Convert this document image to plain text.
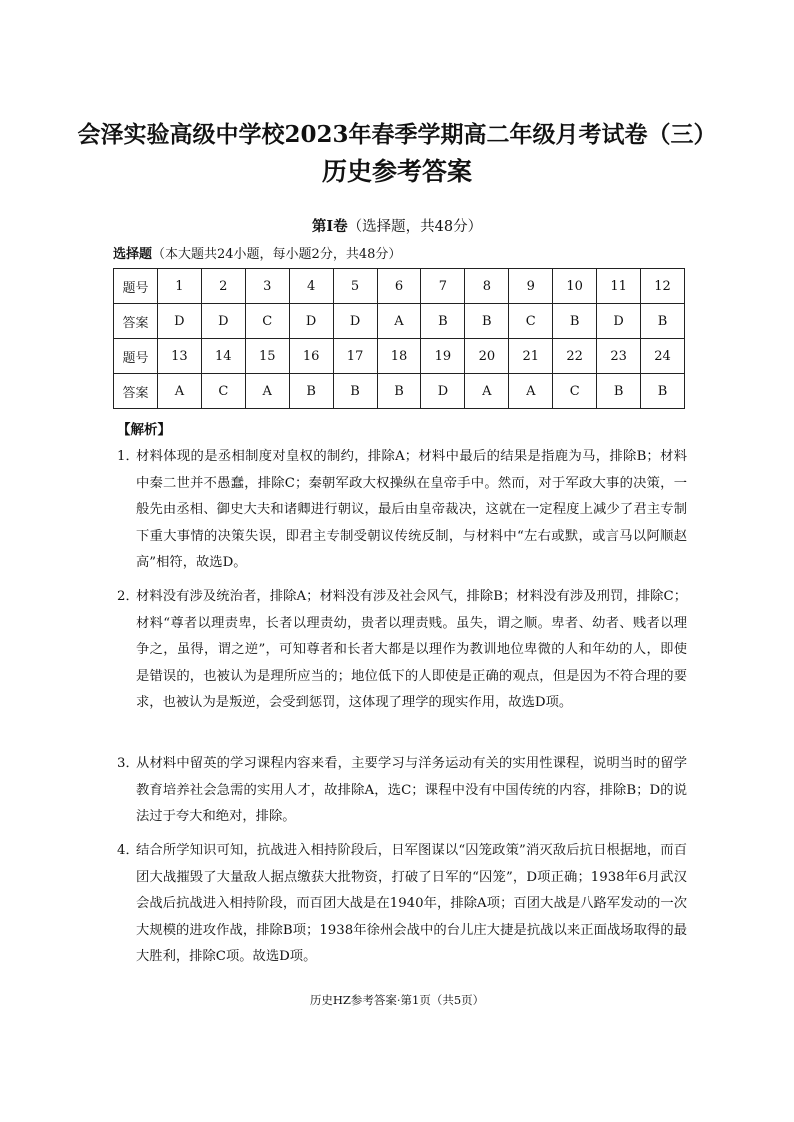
会泽实验高级中学校2023年春季学期高二年级月考试卷（三）
历史参考答案
第Ⅰ卷（选择题，共48分）
选择题（本大题共24小题，每小题2分，共48分）
题号	1	2	3	4	5	6	7	8	9	10	11	12
答案	D	D	C	D	D	A	B	B	C	B	D	B
题号	13	14	15	16	17	18	19	20	21	22	23	24
答案	A	C	A	B	B	B	D	A	A	C	B	B
【解析】
1．
材料体现的是丞相制度对皇权的制约，排除A；材料中最后的结果是指鹿为马，排除B；材料中秦二世并不愚蠢，排除C；秦朝军政大权操纵在皇帝手中。然而，对于军政大事的决策，一般先由丞相、御史大夫和诸卿进行朝议，最后由皇帝裁决，这就在一定程度上减少了君主专制下重大事情的决策失误，即君主专制受朝议传统反制，与材料中“左右或默，或言马以阿顺赵高”相符，故选D。
2．
材料没有涉及统治者，排除A；材料没有涉及社会风气，排除B；材料没有涉及刑罚，排除C；材料“尊者以理责卑，长者以理责幼，贵者以理责贱。虽失，谓之顺。卑者、幼者、贱者以理争之，虽得，谓之逆”，可知尊者和长者大都是以理作为教训地位卑微的人和年幼的人，即使是错误的，也被认为是理所应当的；地位低下的人即使是正确的观点，但是因为不符合理的要求，也被认为是叛逆，会受到惩罚，这体现了理学的现实作用，故选D项。
3．
从材料中留英的学习课程内容来看，主要学习与洋务运动有关的实用性课程，说明当时的留学教育培养社会急需的实用人才，故排除A，选C；课程中没有中国传统的内容，排除B；D的说法过于夸大和绝对，排除。
4．
结合所学知识可知，抗战进入相持阶段后，日军图谋以“囚笼政策”消灭敌后抗日根据地，而百团大战摧毁了大量敌人据点缴获大批物资，打破了日军的“囚笼”，D项正确；1938年6月武汉会战后抗战进入相持阶段，而百团大战是在1940年，排除A项；百团大战是八路军发动的一次大规模的进攻作战，排除B项；1938年徐州会战中的台儿庄大捷是抗战以来正面战场取得的最大胜利，排除C项。故选D项。
历史HZ参考答案·第1页（共5页）
